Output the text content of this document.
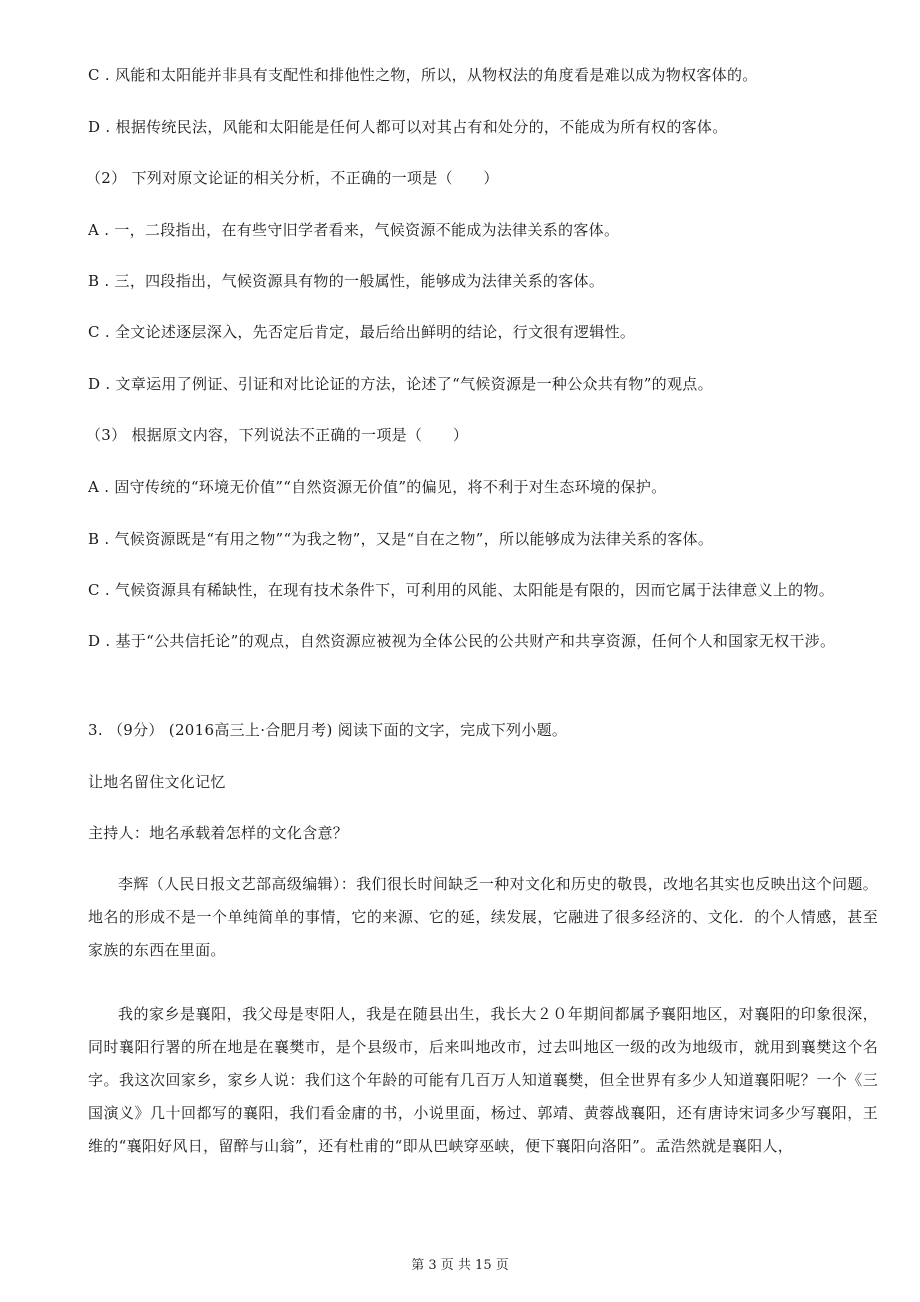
C . 风能和太阳能并非具有支配性和排他性之物，所以，从物权法的角度看是难以成为物权客体的。
D . 根据传统民法，风能和太阳能是任何人都可以对其占有和处分的，不能成为所有权的客体。
（2） 下列对原文论证的相关分析，不正确的一项是（　　）
A . 一，二段指出，在有些守旧学者看来，气候资源不能成为法律关系的客体。
B . 三，四段指出，气候资源具有物的一般属性，能够成为法律关系的客体。
C . 全文论述逐层深入，先否定后肯定，最后给出鲜明的结论，行文很有逻辑性。
D . 文章运用了例证、引证和对比论证的方法，论述了“气候资源是一种公众共有物”的观点。
（3） 根据原文内容，下列说法不正确的一项是（　　）
A . 固守传统的“环境无价值”“自然资源无价值”的偏见，将不利于对生态环境的保护。
B . 气候资源既是“有用之物”“为我之物”，又是“自在之物”，所以能够成为法律关系的客体。
C . 气候资源具有稀缺性，在现有技术条件下，可利用的风能、太阳能是有限的，因而它属于法律意义上的物。
D . 基于“公共信托论”的观点，自然资源应被视为全体公民的公共财产和共享资源，任何个人和国家无权干涉。
3. （9分） (2016高三上·合肥月考) 阅读下面的文字，完成下列小题。
让地名留住文化记忆
主持人：地名承载着怎样的文化含意？
李辉（人民日报文艺部高级编辑）：我们很长时间缺乏一种对文化和历史的敬畏，改地名其实也反映出这个问题。地名的形成不是一个单纯简单的事情，它的来源、它的延，续发展，它融进了很多经济的、文化．的个人情感，甚至家族的东西在里面。
我的家乡是襄阳，我父母是枣阳人，我是在随县出生，我长大２０年期间都属予襄阳地区，对襄阳的印象很深，同时襄阳行署的所在地是在襄樊市，是个县级市，后来叫地改市，过去叫地区一级的改为地级市，就用到襄樊这个名字。我这次回家乡，家乡人说：我们这个年龄的可能有几百万人知道襄樊，但全世界有多少人知道襄阳呢？一个《三国演义》几十回都写的襄阳，我们看金庸的书，小说里面，杨过、郭靖、黄蓉战襄阳，还有唐诗宋词多少写襄阳，王维的“襄阳好风日，留醉与山翁”，还有杜甫的“即从巴峡穿巫峡，便下襄阳向洛阳”。孟浩然就是襄阳人，
第 3 页 共 15 页
